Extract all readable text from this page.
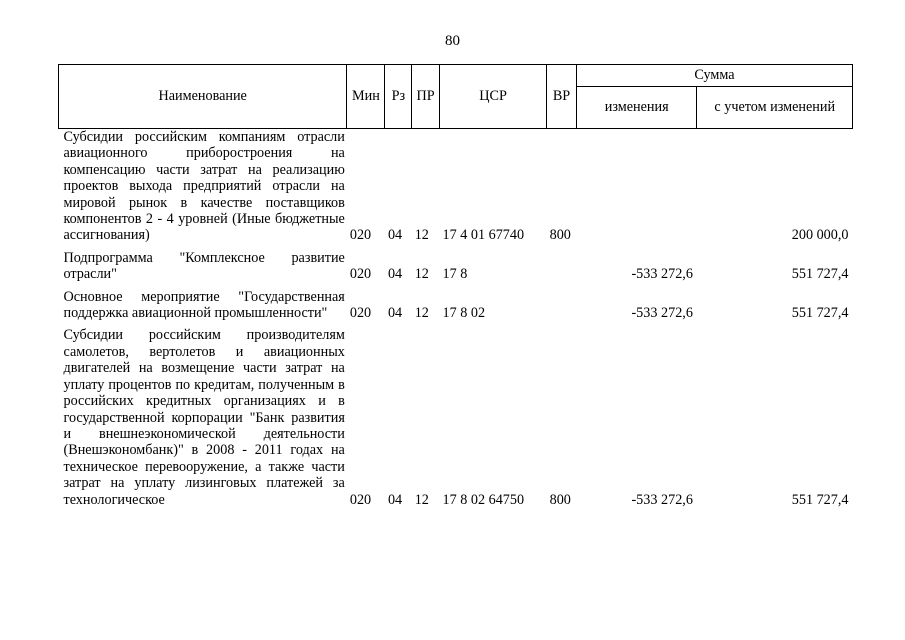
80
Наименование	Мин	Рз	ПР	ЦСР	ВР	Сумма	
						изменения	с учетом изменений
Субсидии российским компаниям отрасли авиационного приборостроения на компенсацию части затрат на реализацию проектов выхода предприятий отрасли на мировой рынок в качестве поставщиков компонентов 2 - 4 уровней (Иные бюджетные ассигнования)	020	04	12	17 4 01 67740	800		200 000,0
Подпрограмма "Комплексное развитие отрасли"	020	04	12	17 8		-533 272,6	551 727,4
Основное мероприятие "Государственная поддержка авиационной промышленности"	020	04	12	17 8 02		-533 272,6	551 727,4
Субсидии российским производителям самолетов, вертолетов и авиационных двигателей на возмещение части затрат на уплату процентов по кредитам, полученным в российских кредитных организациях и в государственной корпорации "Банк развития и внешнеэкономической деятельности (Внешэкономбанк)" в 2008 - 2011 годах на техническое перевооружение, а также части затрат на уплату лизинговых платежей за технологическое	020	04	12	17 8 02 64750	800	-533 272,6	551 727,4
